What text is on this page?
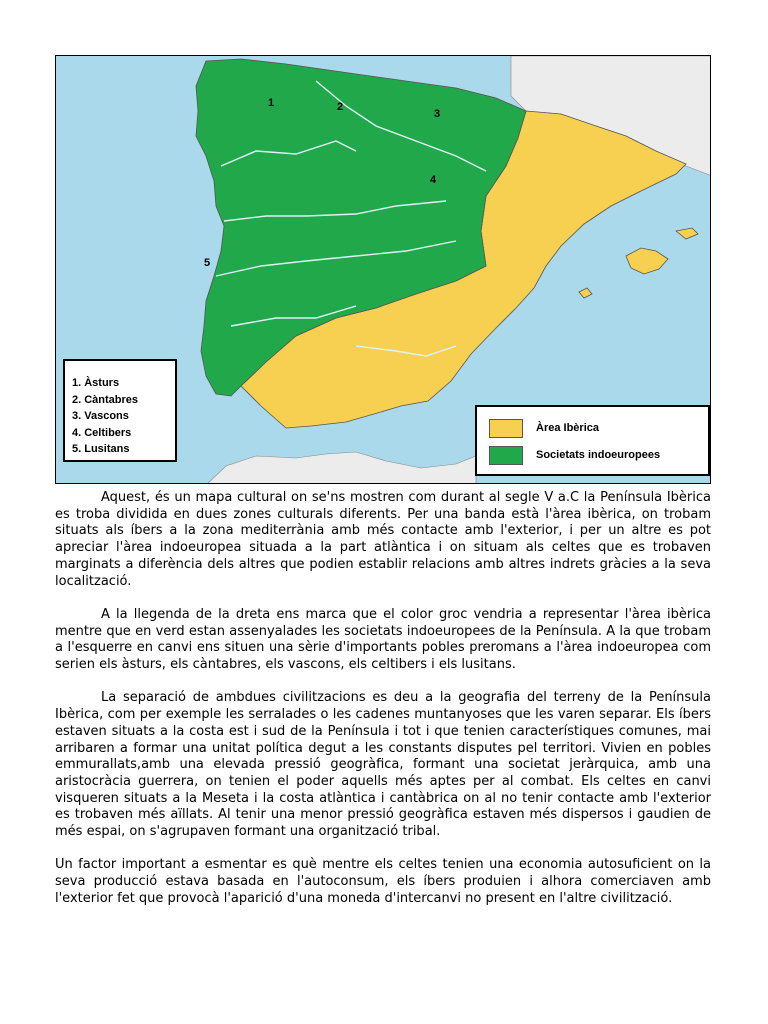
1	2
3
4
5
1. Àsturs
2. Càntabres
3. Vascons
4. Celtibers
5. Lusitans
Àrea Ibèrica
Societats indoeuropees

Aquest, és un mapa cultural on se'ns mostren com durant al segle V a.C la Península Ibèrica es troba dividida en dues zones culturals diferents. Per una banda està l'àrea ibèrica, on trobam situats als íbers a la zona mediterrània amb més contacte amb l'exterior, i per un altre es pot apreciar l'àrea indoeuropea situada a la part atlàntica i on situam als celtes que es trobaven marginats a diferència dels altres que podien establir relacions amb altres indrets gràcies a la seva localització.

A la llegenda de la dreta ens marca que el color groc vendria a representar l'àrea ibèrica mentre que en verd estan assenyalades les societats indoeuropees de la Península. A la que trobam a l'esquerre en canvi ens situen una sèrie d'importants pobles preromans a l'àrea indoeuropea com serien els àsturs, els càntabres, els vascons, els celtibers i els lusitans.

La separació de ambdues civilitzacions es deu a la geografia del terreny de la Península Ibèrica, com per exemple les serralades o les cadenes muntanyoses que les varen separar. Els íbers estaven situats a la costa est i sud de la Península i tot i que tenien característiques comunes, mai arribaren a formar una unitat política degut a les constants disputes pel territori. Vivien en pobles emmurallats,amb una elevada pressió geogràfica, formant una societat jeràrquica, amb una aristocràcia guerrera, on tenien el poder aquells més aptes per al combat. Els celtes en canvi visqueren situats a la Meseta i la costa atlàntica i cantàbrica on al no tenir contacte amb l'exterior es trobaven més aïllats. Al tenir una menor pressió geogràfica estaven més dispersos i gaudien de més espai, on s'agrupaven formant una organització tribal.

Un factor important a esmentar es què mentre els celtes tenien una economia autosuficient on la seva producció estava basada en l'autoconsum, els íbers produien i alhora comerciaven amb l'exterior fet que provocà l'aparició d'una moneda d'intercanvi no present en l'altre civilització.
